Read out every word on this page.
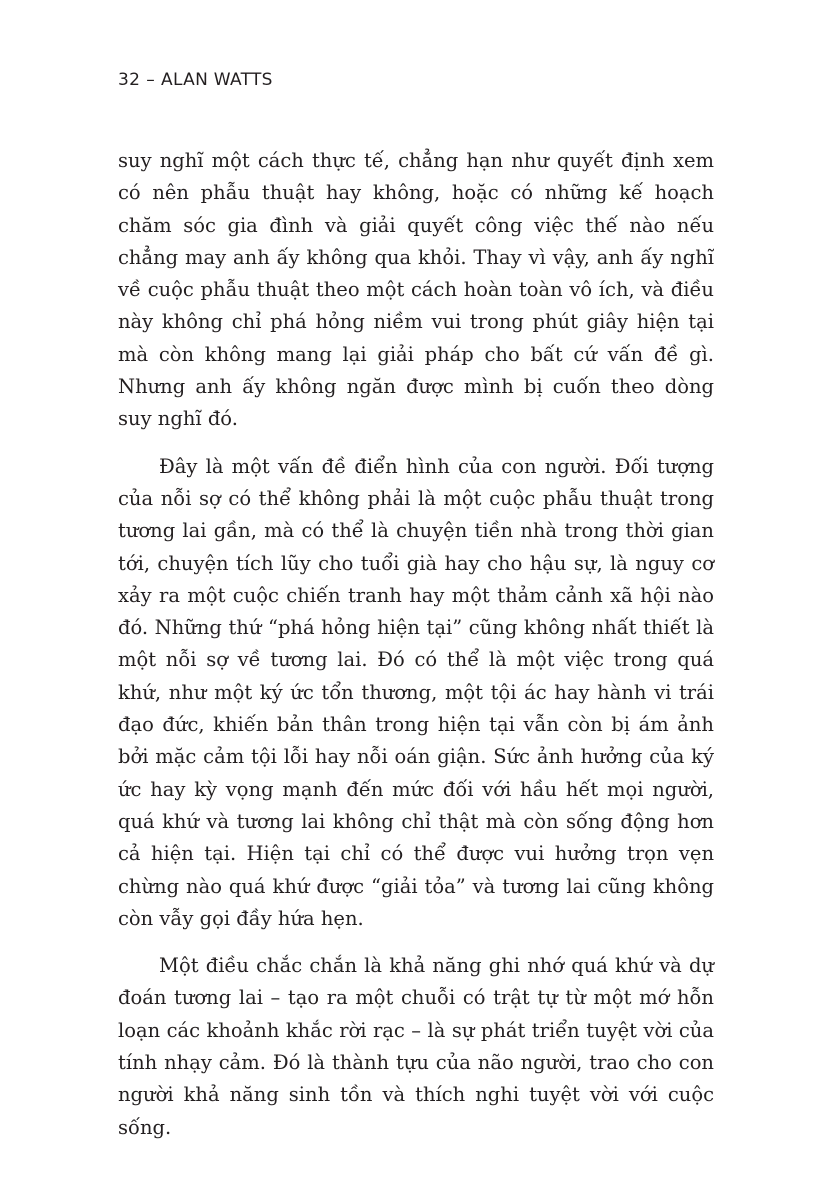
32 – ALAN WATTS

suy nghĩ một cách thực tế, chẳng hạn như quyết định xem có nên phẫu thuật hay không, hoặc có những kế hoạch chăm sóc gia đình và giải quyết công việc thế nào nếu chẳng may anh ấy không qua khỏi. Thay vì vậy, anh ấy nghĩ về cuộc phẫu thuật theo một cách hoàn toàn vô ích, và điều này không chỉ phá hỏng niềm vui trong phút giây hiện tại mà còn không mang lại giải pháp cho bất cứ vấn đề gì. Nhưng anh ấy không ngăn được mình bị cuốn theo dòng suy nghĩ đó.

Đây là một vấn đề điển hình của con người. Đối tượng của nỗi sợ có thể không phải là một cuộc phẫu thuật trong tương lai gần, mà có thể là chuyện tiền nhà trong thời gian tới, chuyện tích lũy cho tuổi già hay cho hậu sự, là nguy cơ xảy ra một cuộc chiến tranh hay một thảm cảnh xã hội nào đó. Những thứ “phá hỏng hiện tại” cũng không nhất thiết là một nỗi sợ về tương lai. Đó có thể là một việc trong quá khứ, như một ký ức tổn thương, một tội ác hay hành vi trái đạo đức, khiến bản thân trong hiện tại vẫn còn bị ám ảnh bởi mặc cảm tội lỗi hay nỗi oán giận. Sức ảnh hưởng của ký ức hay kỳ vọng mạnh đến mức đối với hầu hết mọi người, quá khứ và tương lai không chỉ thật mà còn sống động hơn cả hiện tại. Hiện tại chỉ có thể được vui hưởng trọn vẹn chừng nào quá khứ được “giải tỏa” và tương lai cũng không còn vẫy gọi đầy hứa hẹn.

Một điều chắc chắn là khả năng ghi nhớ quá khứ và dự đoán tương lai – tạo ra một chuỗi có trật tự từ một mớ hỗn loạn các khoảnh khắc rời rạc – là sự phát triển tuyệt vời của tính nhạy cảm. Đó là thành tựu của não người, trao cho con người khả năng sinh tồn và thích nghi tuyệt vời với cuộc sống.
